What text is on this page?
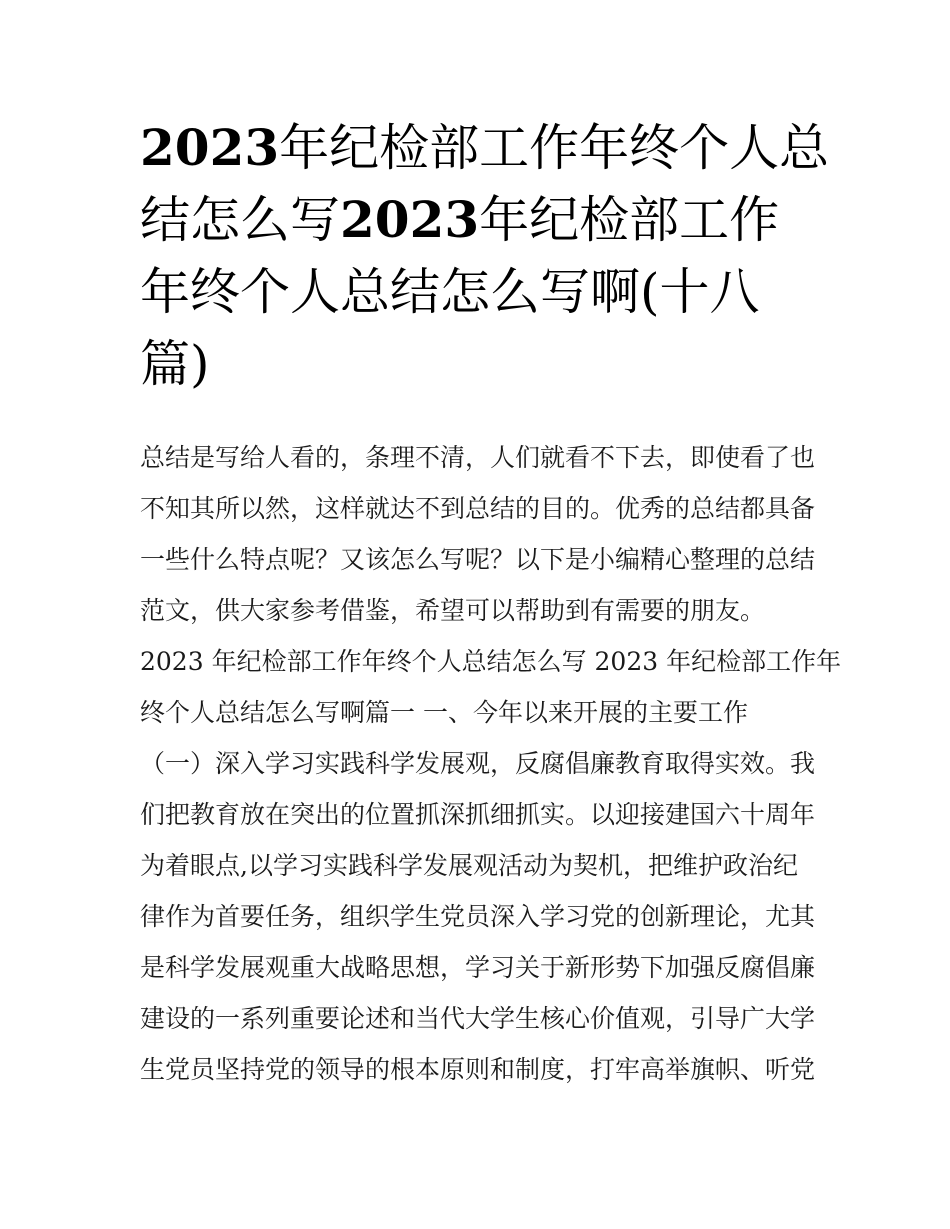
2023年纪检部工作年终个人总
结怎么写2023年纪检部工作
年终个人总结怎么写啊(十八
篇)
总结是写给人看的，条理不清，人们就看不下去，即使看了也
不知其所以然，这样就达不到总结的目的。优秀的总结都具备
一些什么特点呢？又该怎么写呢？以下是小编精心整理的总结
范文，供大家参考借鉴，希望可以帮助到有需要的朋友。
2023 年纪检部工作年终个人总结怎么写 2023 年纪检部工作年
终个人总结怎么写啊篇一 一、今年以来开展的主要工作
（一）深入学习实践科学发展观，反腐倡廉教育取得实效。我
们把教育放在突出的位置抓深抓细抓实。以迎接建国六十周年
为着眼点,以学习实践科学发展观活动为契机，把维护政治纪
律作为首要任务，组织学生党员深入学习党的创新理论，尤其
是科学发展观重大战略思想，学习关于新形势下加强反腐倡廉
建设的一系列重要论述和当代大学生核心价值观，引导广大学
生党员坚持党的领导的根本原则和制度，打牢高举旗帜、听党
